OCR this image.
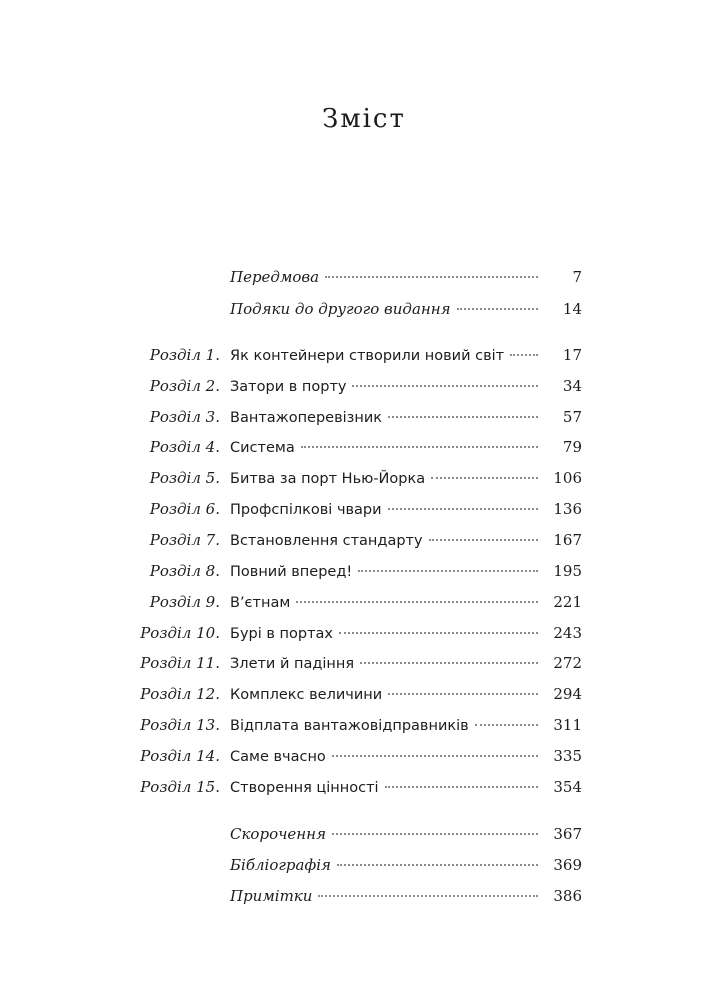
Зміст
Передмова	7
Подяки до другого видання	14
Розділ 1. Як контейнери створили новий світ	17
Розділ 2. Затори в порту	34
Розділ 3. Вантажоперевізник	57
Розділ 4. Система	79
Розділ 5. Битва за порт Нью-Йорка	106
Розділ 6. Профспілкові чвари	136
Розділ 7. Встановлення стандарту	167
Розділ 8. Повний вперед!	195
Розділ 9. В’єтнам	221
Розділ 10. Бурі в портах	243
Розділ 11. Злети й падіння	272
Розділ 12. Комплекс величини	294
Розділ 13. Відплата вантажовідправників	311
Розділ 14. Саме вчасно	335
Розділ 15. Створення цінності	354
Скорочення	367
Бібліографія	369
Примітки	386
